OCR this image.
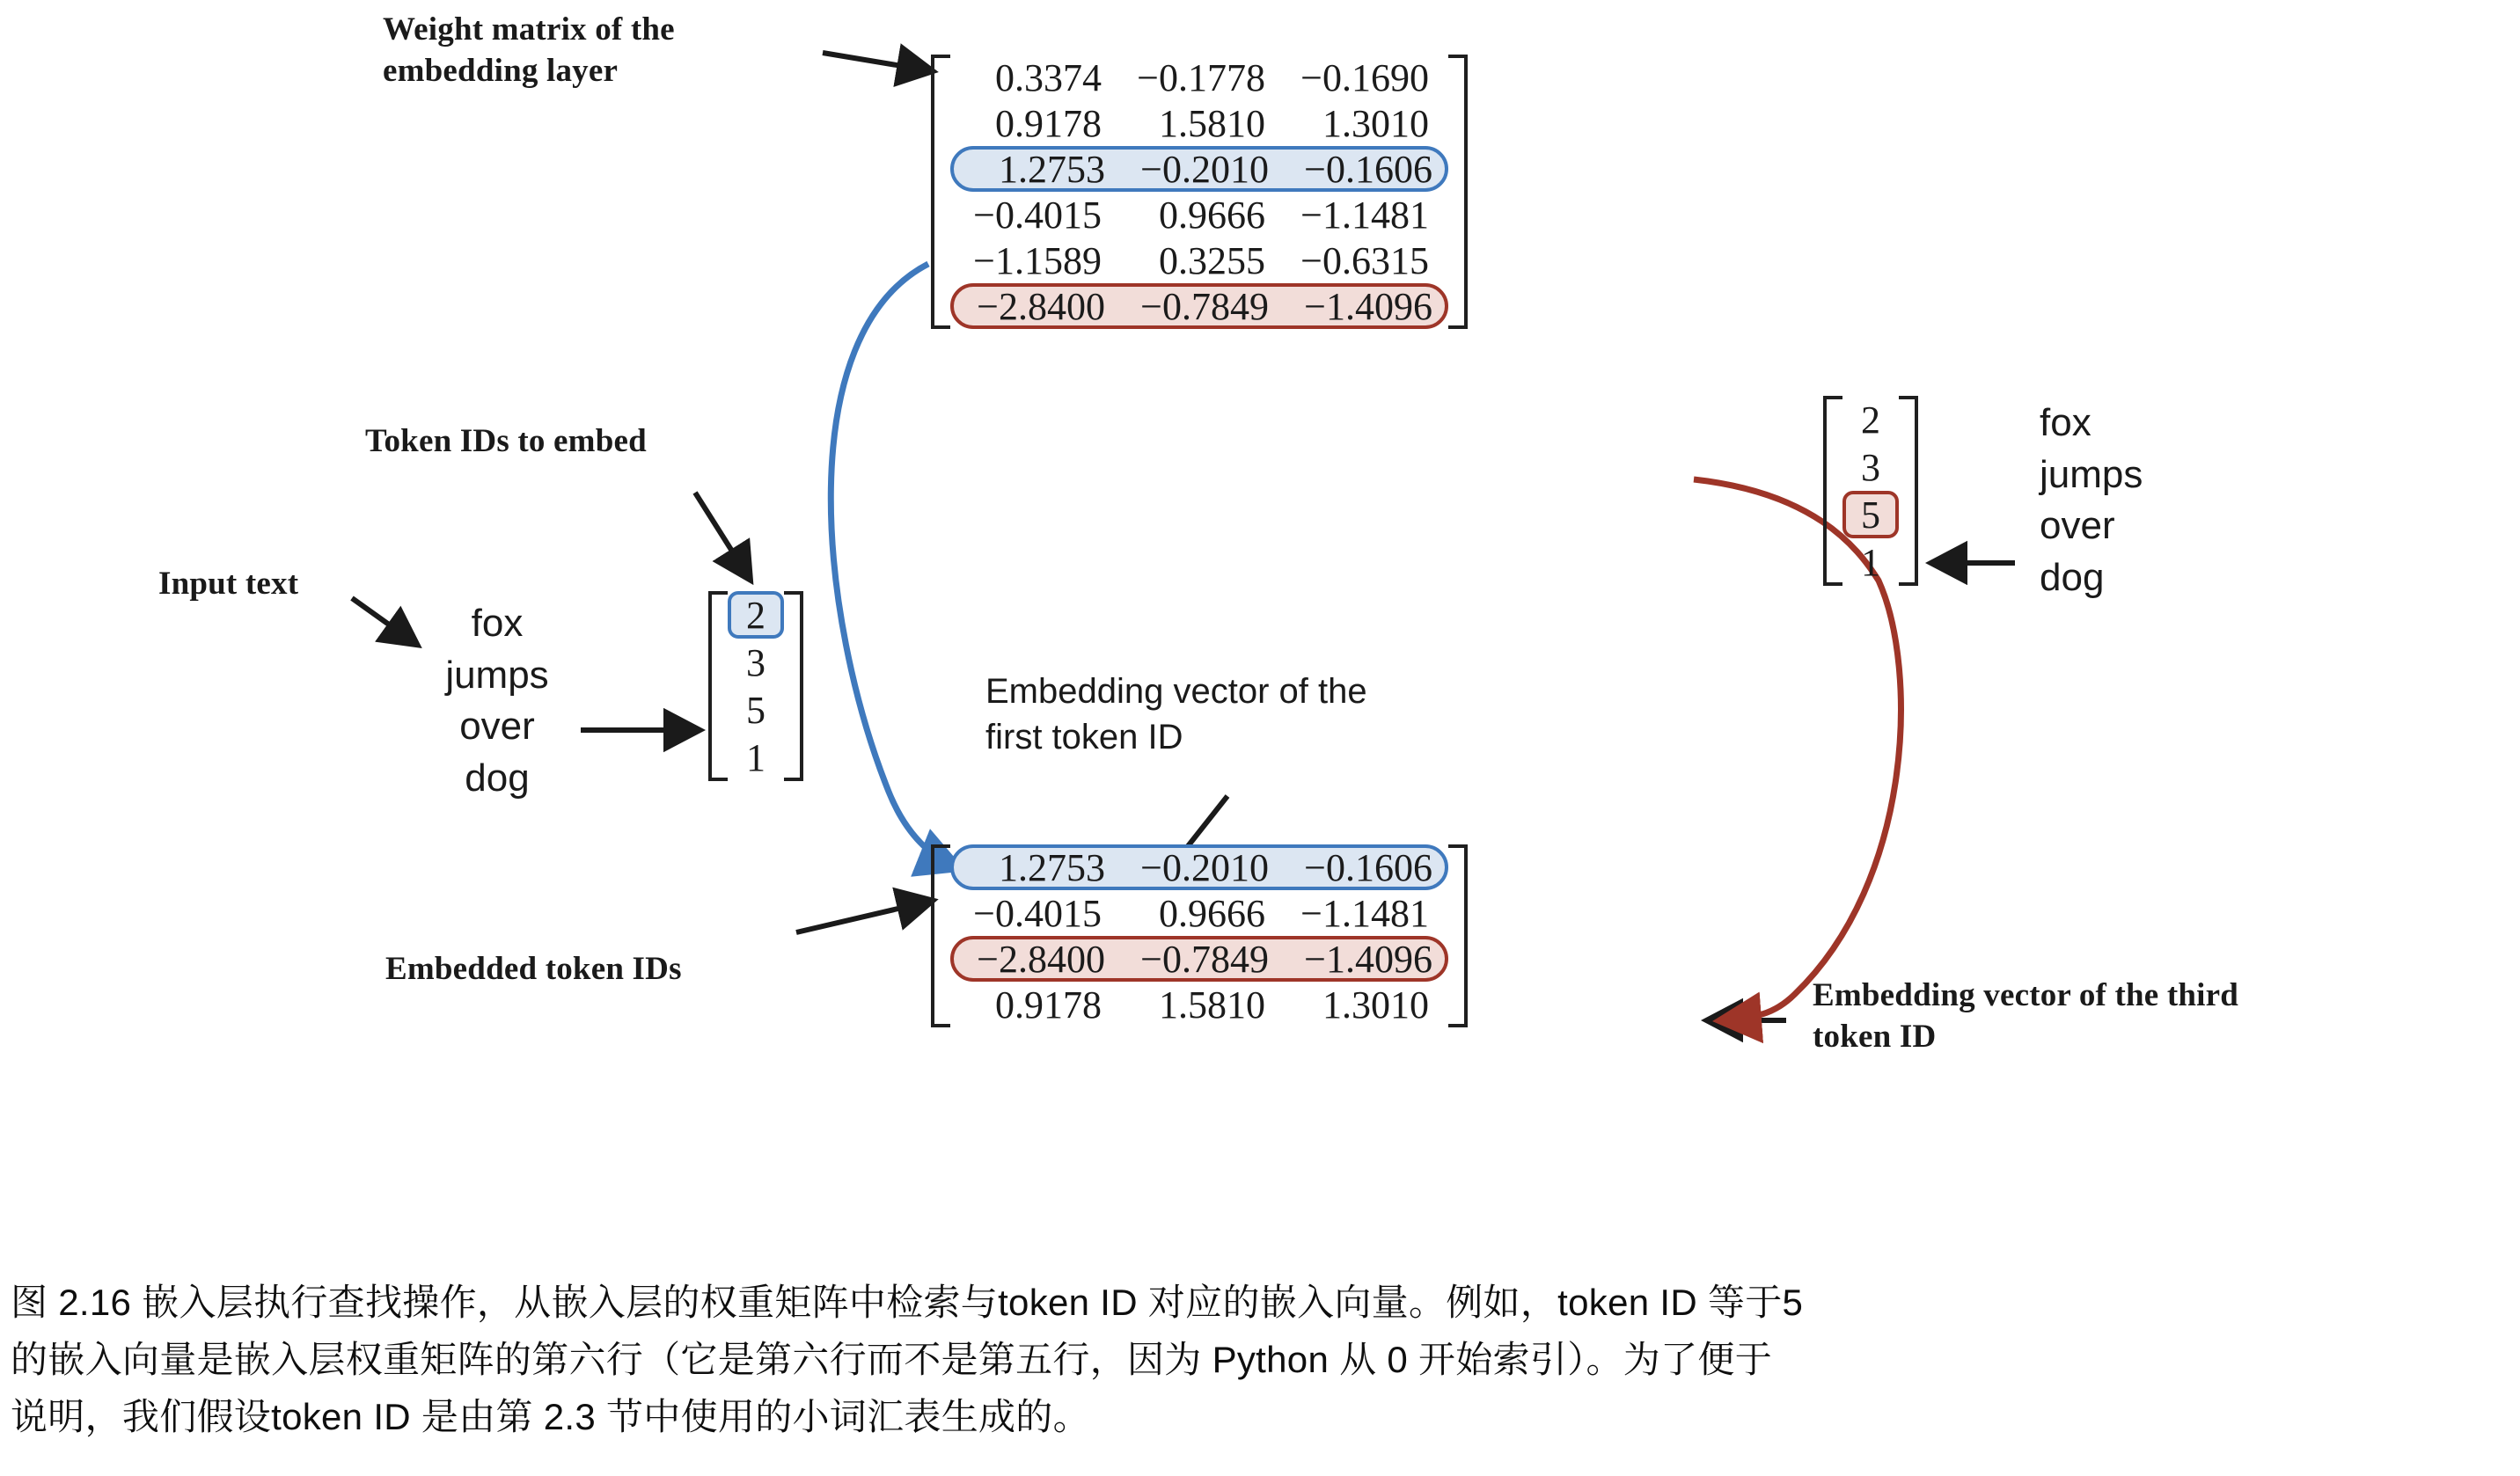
Weight matrix of the
embedding layer
Token IDs to embed
Input text
Embedded token IDs
Embedding vector of the
first token ID
Embedding vector of the third
token ID
fox
jumps
over
dog
2
3
5
1
0.3374 −0.1778 −0.1690
0.9178	1.5810	1.3010
1.2753 −0.2010 −0.1606
−0.4015	0.9666 −1.1481
−1.1589	0.3255 −0.6315
−2.8400 −0.7849 −1.4096
1.2753 −0.2010 −0.1606
−0.4015	0.9666 −1.1481
−2.8400 −0.7849 −1.4096
0.9178	1.5810	1.3010
2
3
5
1
fox
jumps
over
dog
图 2.16 嵌入层执行查找操作，从嵌入层的权重矩阵中检索与token ID 对应的嵌入向量。例如，token ID 等于5
的嵌入向量是嵌入层权重矩阵的第六行（它是第六行而不是第五行，因为 Python 从 0 开始索引）。为了便于
说明，我们假设token ID 是由第 2.3 节中使用的小词汇表生成的。
